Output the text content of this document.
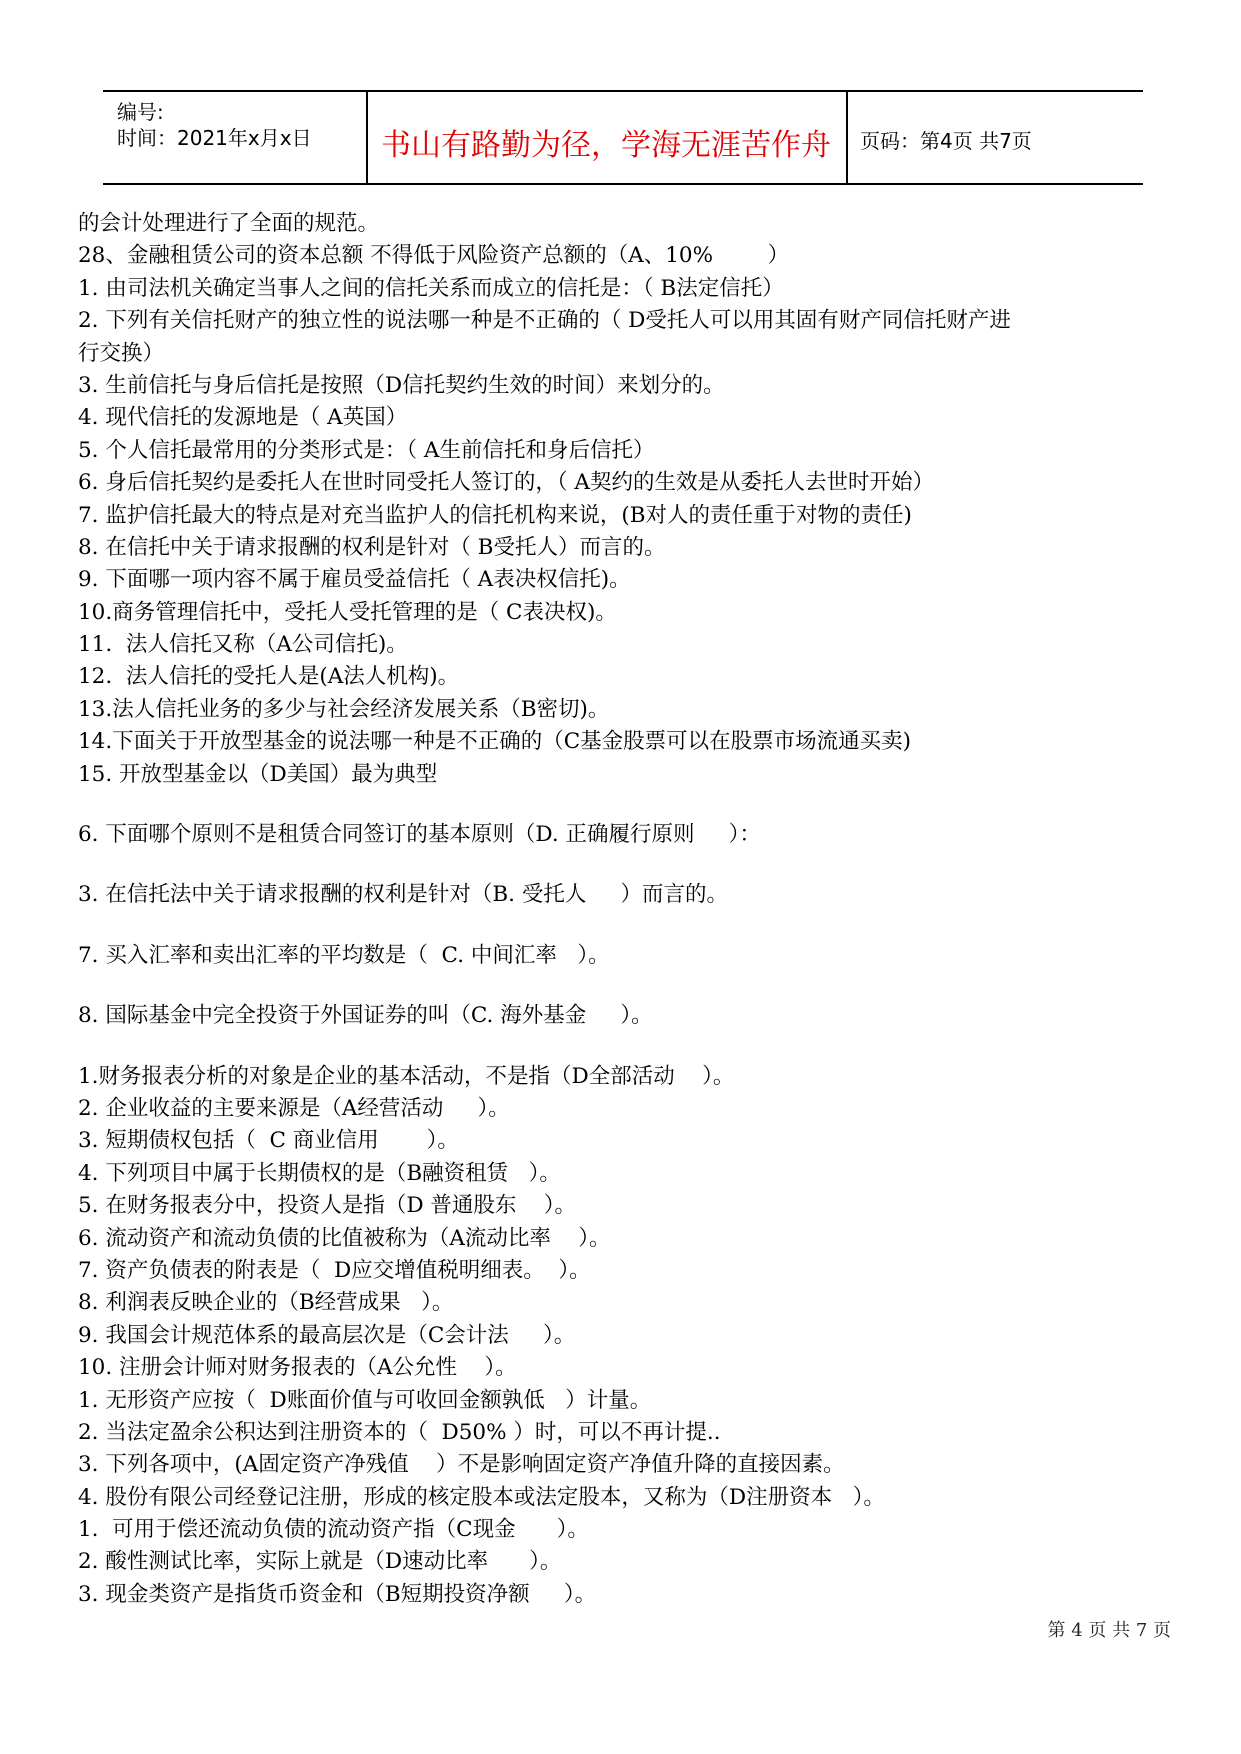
编号:
时间：2021年x月x日	书山有路勤为径，学海无涯苦作舟	页码：第4页 共7页
的会计处理进行了全面的规范。
28、金融租赁公司的资本总额 不得低于风险资产总额的（A、10%        ）
1. 由司法机关确定当事人之间的信托关系而成立的信托是：（ B法定信托）
2. 下列有关信托财产的独立性的说法哪一种是不正确的（ D受托人可以用其固有财产同信托财产进
行交换）
3. 生前信托与身后信托是按照（D信托契约生效的时间）来划分的。
4. 现代信托的发源地是（ A英国）
5. 个人信托最常用的分类形式是：（ A生前信托和身后信托）
6. 身后信托契约是委托人在世时同受托人签订的，（ A契约的生效是从委托人去世时开始）
7. 监护信托最大的特点是对充当监护人的信托机构来说，(B对人的责任重于对物的责任)
8. 在信托中关于请求报酬的权利是针对（ B受托人）而言的。
9. 下面哪一项内容不属于雇员受益信托（ A表决权信托)。
10.商务管理信托中，受托人受托管理的是（ C表决权)。
11.  法人信托又称（A公司信托)。
12.  法人信托的受托人是(A法人机构)。
13.法人信托业务的多少与社会经济发展关系（B密切)。
14.下面关于开放型基金的说法哪一种是不正确的（C基金股票可以在股票市场流通买卖)
15. 开放型基金以（D美国）最为典型
6. 下面哪个原则不是租赁合同签订的基本原则（D. 正确履行原则     ）：
3. 在信托法中关于请求报酬的权利是针对（B. 受托人     ）而言的。
7. 买入汇率和卖出汇率的平均数是（  C. 中间汇率   ）。
8. 国际基金中完全投资于外国证券的叫（C. 海外基金     ）。
1.财务报表分析的对象是企业的基本活动，不是指（D全部活动    ）。
2. 企业收益的主要来源是（A经营活动     ）。
3. 短期债权包括（  C 商业信用       ）。
4. 下列项目中属于长期债权的是（B融资租赁   ）。
5. 在财务报表分中，投资人是指（D 普通股东    ）。
6. 流动资产和流动负债的比值被称为（A流动比率    ）。
7. 资产负债表的附表是（  D应交增值税明细表。  ）。
8. 利润表反映企业的（B经营成果   ）。
9. 我国会计规范体系的最高层次是（C会计法     ）。
10. 注册会计师对财务报表的（A公允性    ）。
1. 无形资产应按（  D账面价值与可收回金额孰低   ）计量。
2. 当法定盈余公积达到注册资本的（  D50% ）时，可以不再计提..
3. 下列各项中，(A固定资产净残值    ）不是影响固定资产净值升降的直接因素。
4. 股份有限公司经登记注册，形成的核定股本或法定股本，又称为（D注册资本   ）。
1.  可用于偿还流动负债的流动资产指（C现金      ）。
2. 酸性测试比率，实际上就是（D速动比率      ）。
3. 现金类资产是指货币资金和（B短期投资净额     ）。
第 4 页 共 7 页
